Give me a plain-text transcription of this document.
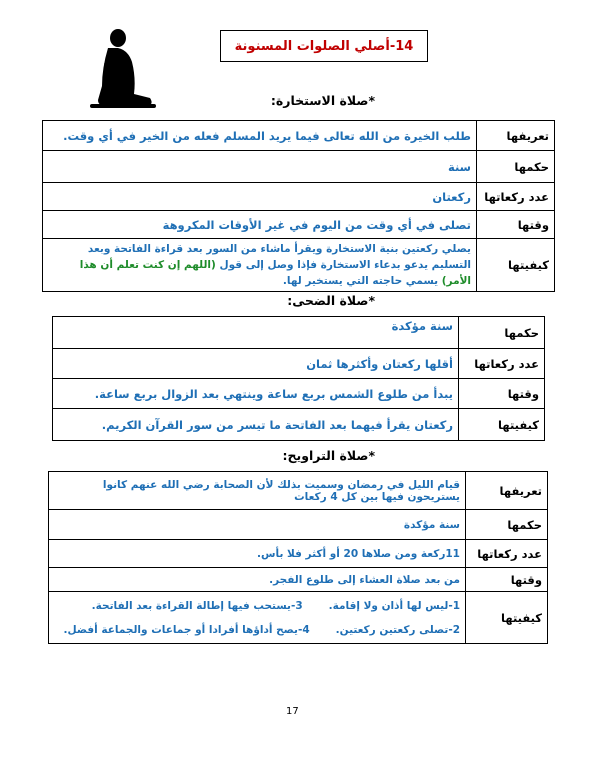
14-أصلي الصلوات المسنونة
*صلاة الاستخارة:
تعريفها	طلب الخيرة من الله تعالى فيما يريد المسلم فعله من الخير في أي وقت.
حكمها	سنة
عدد ركعاتها	ركعتان
وقتها	تصلى في أي وقت من اليوم في غير الأوقات المكروهة
كيفيتها	يصلي ركعتين بنية الاستخارة ويقرأ ماشاء من السور بعد قراءة الفاتحة وبعد التسليم يدعو بدعاء الاستخارة فإذا وصل إلى قول (اللهم إن كنت تعلم أن هذا الأمر) يسمي حاجته التي يستخير لها.
*صلاة الضحى:
حكمها	سنة مؤكدة
عدد ركعاتها	أقلها ركعتان وأكثرها ثمان
وقتها	يبدأ من طلوع الشمس بربع ساعة وينتهي بعد الزوال بربع ساعة.
كيفيتها	ركعتان يقرأ فيهما بعد الفاتحة ما تيسر من سور القرآن الكريم.
*صلاة التراويح:
تعريفها	قيام الليل في رمضان وسميت بذلك لأن الصحابة رضي الله عنهم كانوا يستريحون فيها بين كل 4 ركعات
حكمها	سنة مؤكدة
عدد ركعاتها	11ركعة ومن صلاها 20 أو أكثر فلا بأس.
وقتها	من بعد صلاة العشاء إلى طلوع الفجر.
كيفيتها	1-ليس لها أذان ولا إقامة.
3-يستحب فيها إطالة القراءة بعد الفاتحة.
2-تصلى ركعتين ركعتين.
4-يصح أداؤها أفرادا أو جماعات والجماعة أفضل.
17
